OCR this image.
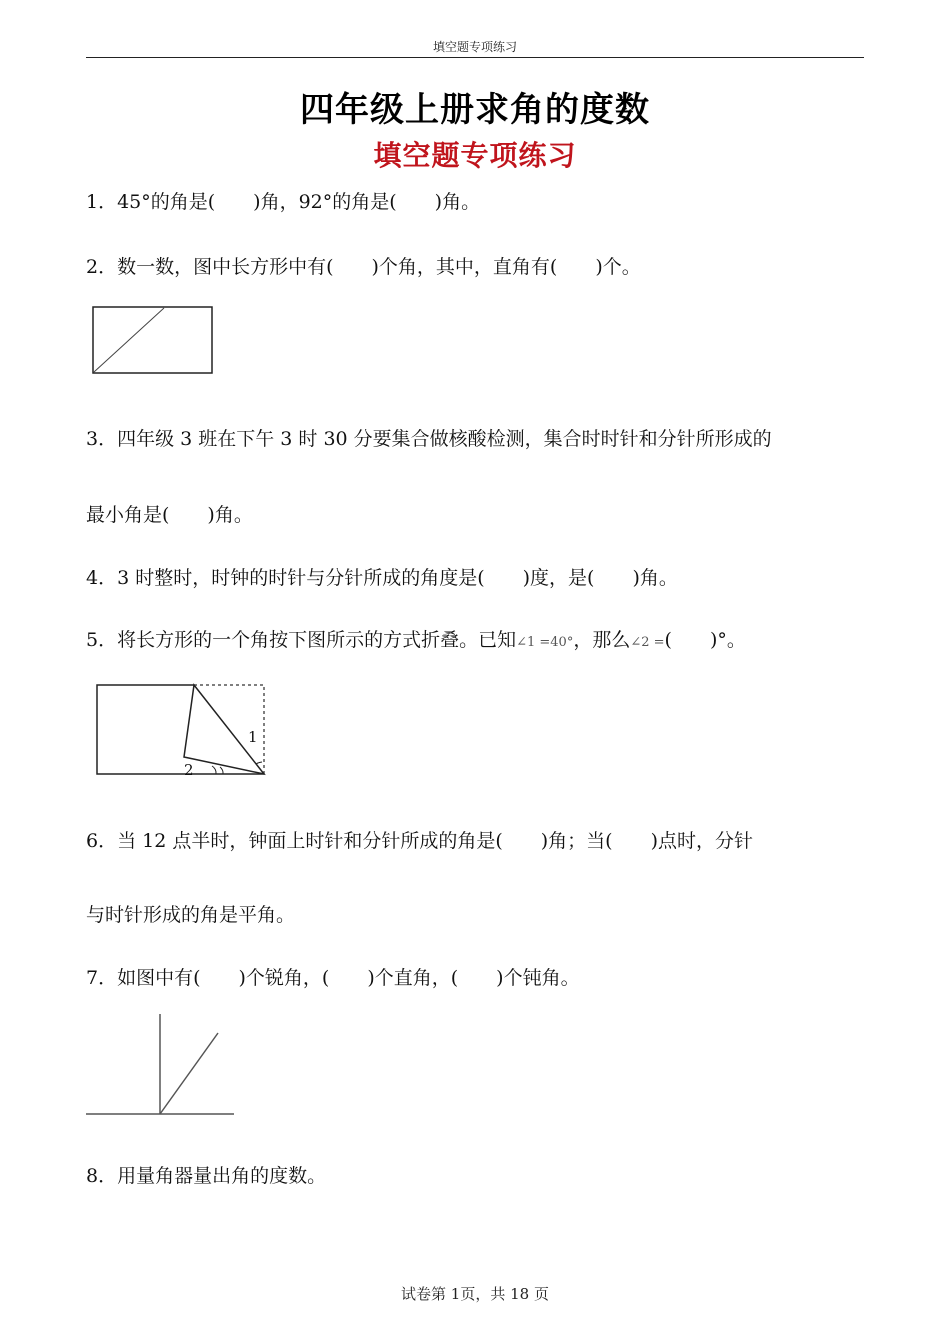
填空题专项练习
四年级上册求角的度数
填空题专项练习
1．45°的角是(　　)角，92°的角是(　　)角。
2．数一数，图中长方形中有(　　)个角，其中，直角有(　　)个。
3．四年级 3 班在下午 3 时 30 分要集合做核酸检测，集合时时针和分针所形成的
最小角是(　　)角。
4．3 时整时，时钟的时针与分针所成的角度是(　　)度，是(　　)角。
5．将长方形的一个角按下图所示的方式折叠。已知∠1 =40°，那么∠2 =(　　)°。
1
2
6．当 12 点半时，钟面上时针和分针所成的角是(　　)角；当(　　)点时，分针
与时针形成的角是平角。
7．如图中有(　　)个锐角，(　　)个直角，(　　)个钝角。
8．用量角器量出角的度数。
试卷第 1页，共 18 页
